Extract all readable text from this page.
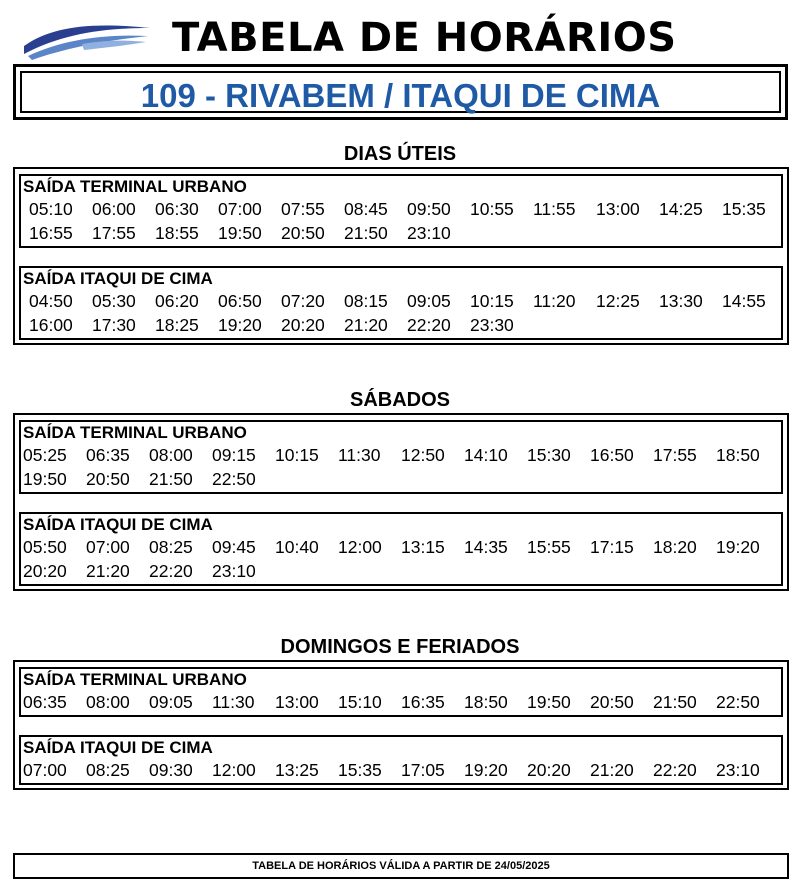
TABELA DE HORÁRIOS
109 - RIVABEM / ITAQUI DE CIMA
DIAS ÚTEIS
SAÍDA TERMINAL URBANO
05:10	06:00	06:30	07:00	07:55	08:45	09:50	10:55	11:55	13:00	14:25	15:35
16:55	17:55	18:55	19:50	20:50	21:50	23:10
SAÍDA ITAQUI DE CIMA
04:50	05:30	06:20	06:50	07:20	08:15	09:05	10:15	11:20	12:25	13:30	14:55
16:00	17:30	18:25	19:20	20:20	21:20	22:20	23:30
SÁBADOS
SAÍDA TERMINAL URBANO
05:25	06:35	08:00	09:15	10:15	11:30	12:50	14:10	15:30	16:50	17:55	18:50
19:50	20:50	21:50	22:50
SAÍDA ITAQUI DE CIMA
05:50	07:00	08:25	09:45	10:40	12:00	13:15	14:35	15:55	17:15	18:20	19:20
20:20	21:20	22:20	23:10
DOMINGOS E FERIADOS
SAÍDA TERMINAL URBANO
06:35	08:00	09:05	11:30	13:00	15:10	16:35	18:50	19:50	20:50	21:50	22:50
SAÍDA ITAQUI DE CIMA
07:00	08:25	09:30	12:00	13:25	15:35	17:05	19:20	20:20	21:20	22:20	23:10
TABELA DE HORÁRIOS VÁLIDA A PARTIR DE 24/05/2025
